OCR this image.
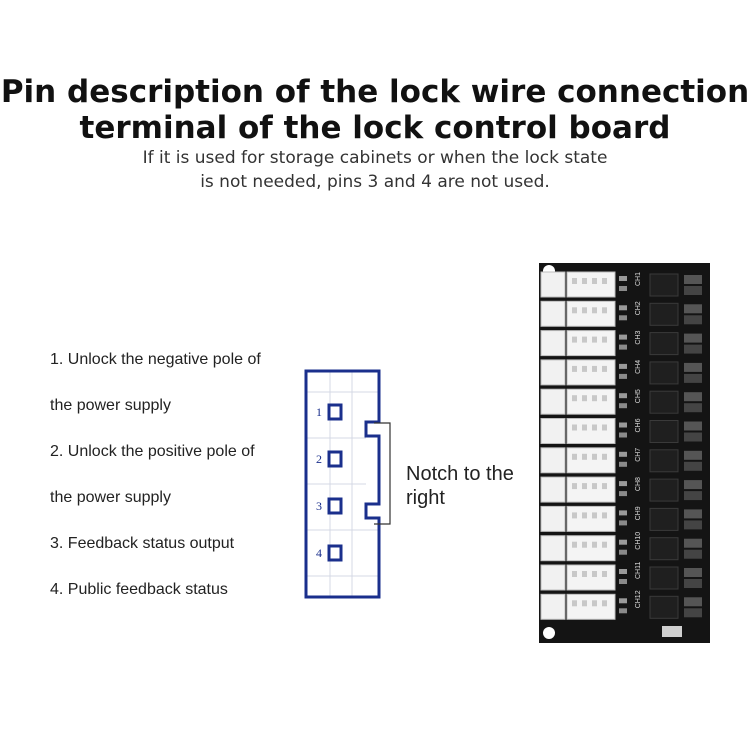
Pin description of the lock wire connection
terminal of the lock control board
If it is used for storage cabinets or when the lock state
is not needed, pins 3 and 4 are not used.
1. Unlock the negative pole of
the power supply
2. Unlock the positive pole of
the power supply
3. Feedback status output
4. Public feedback status
1
2
3
4
Notch to the
right
CH1
CH2
CH3
CH4
CH5
CH6
CH7
CH8
CH9
CH10
CH11
CH12
